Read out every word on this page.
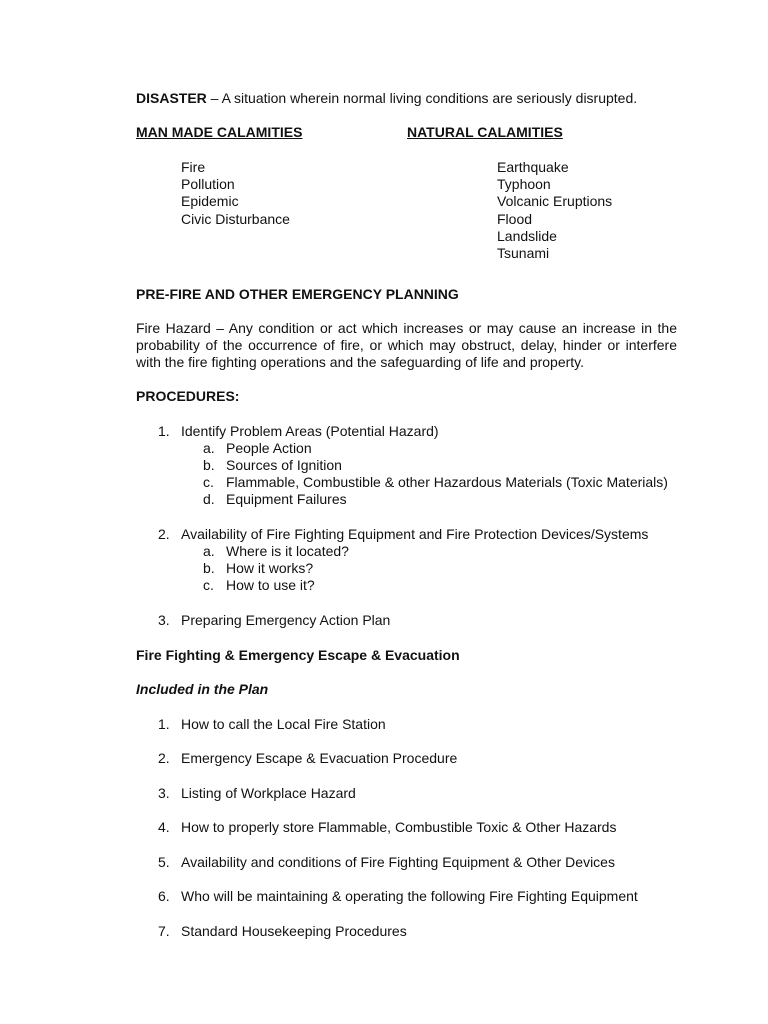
DISASTER – A situation wherein normal living conditions are seriously disrupted.

MAN MADE CALAMITIES	NATURAL CALAMITIES
Fire
Pollution
Epidemic
Civic Disturbance
Earthquake
Typhoon
Volcanic Eruptions
Flood
Landslide
Tsunami

PRE-FIRE AND OTHER EMERGENCY PLANNING

Fire Hazard – Any condition or act which increases or may cause an increase in the probability of the occurrence of fire, or which may obstruct, delay, hinder or interfere with the fire fighting operations and the safeguarding of life and property.

PROCEDURES:

1. Identify Problem Areas (Potential Hazard)
a. People Action
b. Sources of Ignition
c. Flammable, Combustible & other Hazardous Materials (Toxic Materials)
d. Equipment Failures
2. Availability of Fire Fighting Equipment and Fire Protection Devices/Systems
a. Where is it located?
b. How it works?
c. How to use it?
3. Preparing Emergency Action Plan

Fire Fighting & Emergency Escape & Evacuation

Included in the Plan

1. How to call the Local Fire Station
2. Emergency Escape & Evacuation Procedure
3. Listing of Workplace Hazard
4. How to properly store Flammable, Combustible Toxic & Other Hazards
5. Availability and conditions of Fire Fighting Equipment & Other Devices
6. Who will be maintaining & operating the following Fire Fighting Equipment
7. Standard Housekeeping Procedures
